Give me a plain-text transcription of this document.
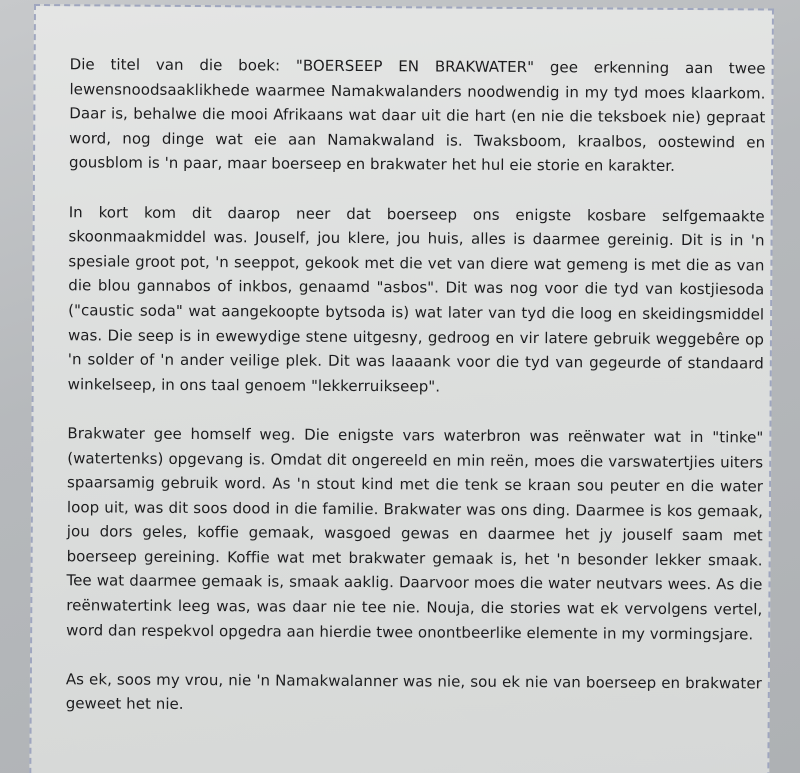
Die titel van die boek: "BOERSEEP EN BRAKWATER" gee erkenning aan twee lewensnoodsaaklikhede waarmee Namakwalanders noodwendig in my tyd moes klaarkom. Daar is, behalwe die mooi Afrikaans wat daar uit die hart (en nie die teksboek nie) gepraat word, nog dinge wat eie aan Namakwaland is. Twaksboom, kraalbos, oostewind en gousblom is 'n paar, maar boerseep en brakwater het hul eie storie en karakter.

In kort kom dit daarop neer dat boerseep ons enigste kosbare selfgemaakte skoonmaakmiddel was. Jouself, jou klere, jou huis, alles is daarmee gereinig. Dit is in 'n spesiale groot pot, 'n seeppot, gekook met die vet van diere wat gemeng is met die as van die blou gannabos of inkbos, genaamd "asbos". Dit was nog voor die tyd van kostjiesoda ("caustic soda" wat aangekoopte bytsoda is) wat later van tyd die loog en skeidingsmiddel was. Die seep is in ewewydige stene uitgesny, gedroog en vir latere gebruik weggebêre op 'n solder of 'n ander veilige plek. Dit was laaaank voor die tyd van gegeurde of standaard winkelseep, in ons taal genoem "lekkerruikseep".

Brakwater gee homself weg. Die enigste vars waterbron was reënwater wat in "tinke" (watertenks) opgevang is. Omdat dit ongereeld en min reën, moes die varswatertjies uiters spaarsamig gebruik word. As 'n stout kind met die tenk se kraan sou peuter en die water loop uit, was dit soos dood in die familie. Brakwater was ons ding. Daarmee is kos gemaak, jou dors geles, koffie gemaak, wasgoed gewas en daarmee het jy jouself saam met boerseep gereining. Koffie wat met brakwater gemaak is, het 'n besonder lekker smaak. Tee wat daarmee gemaak is, smaak aaklig. Daarvoor moes die water neutvars wees. As die reënwatertink leeg was, was daar nie tee nie. Nouja, die stories wat ek vervolgens vertel, word dan respekvol opgedra aan hierdie twee onontbeerlike elemente in my vormingsjare.

As ek, soos my vrou, nie 'n Namakwalanner was nie, sou ek nie van boerseep en brakwater geweet het nie.
